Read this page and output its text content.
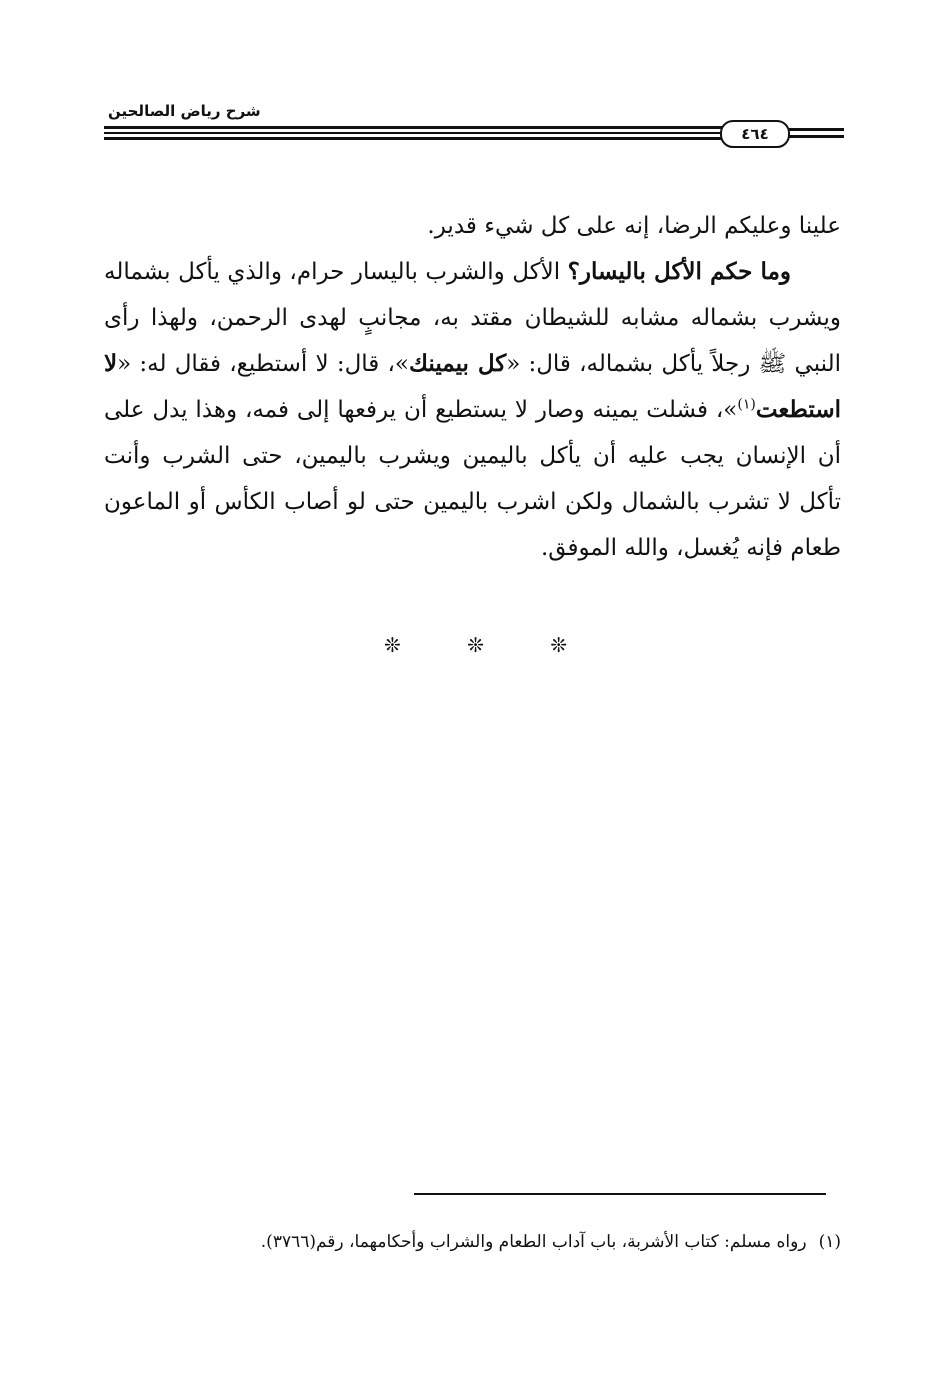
شرح رياض الصالحين
٤٦٤

علينا وعليكم الرضا، إنه على كل شيء قدير.

وما حكم الأكل باليسار؟ الأكل والشرب باليسار حرام، والذي يأكل بشماله ويشرب بشماله مشابه للشيطان مقتد به، مجانبٍ لهدى الرحمن، ولهذا رأى النبي ﷺ رجلاً يأكل بشماله، قال: «كل بيمينك»، قال: لا أستطيع، فقال له: «لا استطعت$^{(١)}$»، فشلت يمينه وصار لا يستطيع أن يرفعها إلى فمه، وهذا يدل على أن الإنسان يجب عليه أن يأكل باليمين ويشرب باليمين، حتى الشرب وأنت تأكل لا تشرب بالشمال ولكن اشرب باليمين حتى لو أصاب الكأس أو الماعون طعام فإنه يُغسل، والله الموفق.

❊	❊	❊
(١)رواه مسلم: كتاب الأشربة، باب آداب الطعام والشراب وأحكامهما، رقم(٣٧٦٦).
